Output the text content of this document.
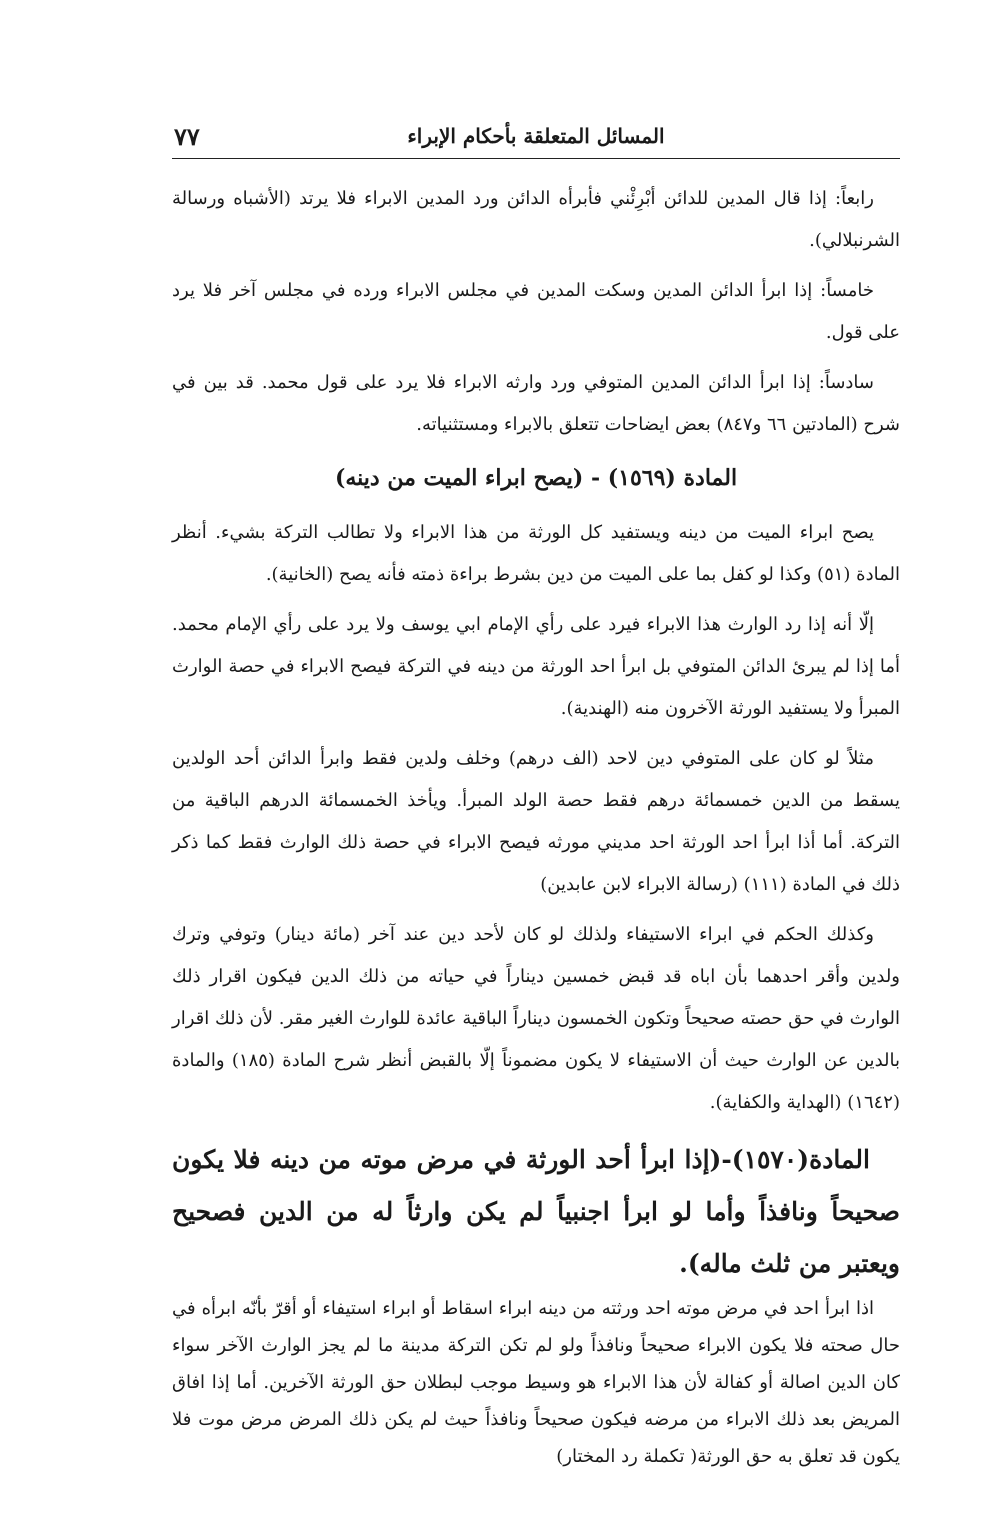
٧٧	المسائل المتعلقة بأحكام الإبراء

رابعاً: إذا قال المدين للدائن أبْرِئْني فأبرأه الدائن ورد المدين الابراء فلا يرتد (الأشباه ورسالة الشرنبلالي).

خامساً: إذا ابرأ الدائن المدين وسكت المدين في مجلس الابراء ورده في مجلس آخر فلا يرد على قول.

سادساً: إذا ابرأ الدائن المدين المتوفي ورد وارثه الابراء فلا يرد على قول محمد. قد بين في شرح (المادتين ٦٦ و٨٤٧) بعض ايضاحات تتعلق بالابراء ومستثنياته.

المادة (١٥٦٩) - (يصح ابراء الميت من دينه)

يصح ابراء الميت من دينه ويستفيد كل الورثة من هذا الابراء ولا تطالب التركة بشيء. أنظر المادة (٥١) وكذا لو كفل بما على الميت من دين بشرط براءة ذمته فأنه يصح (الخانية).

إلّا أنه إذا رد الوارث هذا الابراء فيرد على رأي الإمام ابي يوسف ولا يرد على رأي الإمام محمد. أما إذا لم يبرئ الدائن المتوفي بل ابرأ احد الورثة من دينه في التركة فيصح الابراء في حصة الوارث المبرأ ولا يستفيد الورثة الآخرون منه (الهندية).

مثلاً لو كان على المتوفي دين لاحد (الف درهم) وخلف ولدين فقط وابرأ الدائن أحد الولدين يسقط من الدين خمسمائة درهم فقط حصة الولد المبرأ. ويأخذ الخمسمائة الدرهم الباقية من التركة. أما أذا ابرأ احد الورثة احد مديني مورثه فيصح الابراء في حصة ذلك الوارث فقط كما ذكر ذلك في المادة (١١١) (رسالة الابراء لابن عابدين)

وكذلك الحكم في ابراء الاستيفاء ولذلك لو كان لأحد دين عند آخر (مائة دينار) وتوفي وترك ولدين وأقر احدهما بأن اباه قد قبض خمسين ديناراً في حياته من ذلك الدين فيكون اقرار ذلك الوارث في حق حصته صحيحاً وتكون الخمسون ديناراً الباقية عائدة للوارث الغير مقر. لأن ذلك اقرار بالدين عن الوارث حيث أن الاستيفاء لا يكون مضموناً إلّا بالقبض أنظر شرح المادة (١٨٥) والمادة (١٦٤٢) (الهداية والكفاية).

المادة(١٥٧٠)-(إذا ابرأ أحد الورثة في مرض موته من دينه فلا يكون صحيحاً ونافذاً وأما لو ابرأ اجنبياً لم يكن وارثاً له من الدين فصحيح ويعتبر من ثلث ماله).

اذا ابرأ احد في مرض موته احد ورثته من دينه ابراء اسقاط أو ابراء استيفاء أو أقرّ بأنّه ابرأه في حال صحته فلا يكون الابراء صحيحاً ونافذاً ولو لم تكن التركة مدينة ما لم يجز الوارث الآخر سواء كان الدين اصالة أو كفالة لأن هذا الابراء هو وسيط موجب لبطلان حق الورثة الآخرين. أما إذا افاق المريض بعد ذلك الابراء من مرضه فيكون صحيحاً ونافذاً حيث لم يكن ذلك المرض مرض موت فلا يكون قد تعلق به حق الورثة( تكملة رد المختار)
